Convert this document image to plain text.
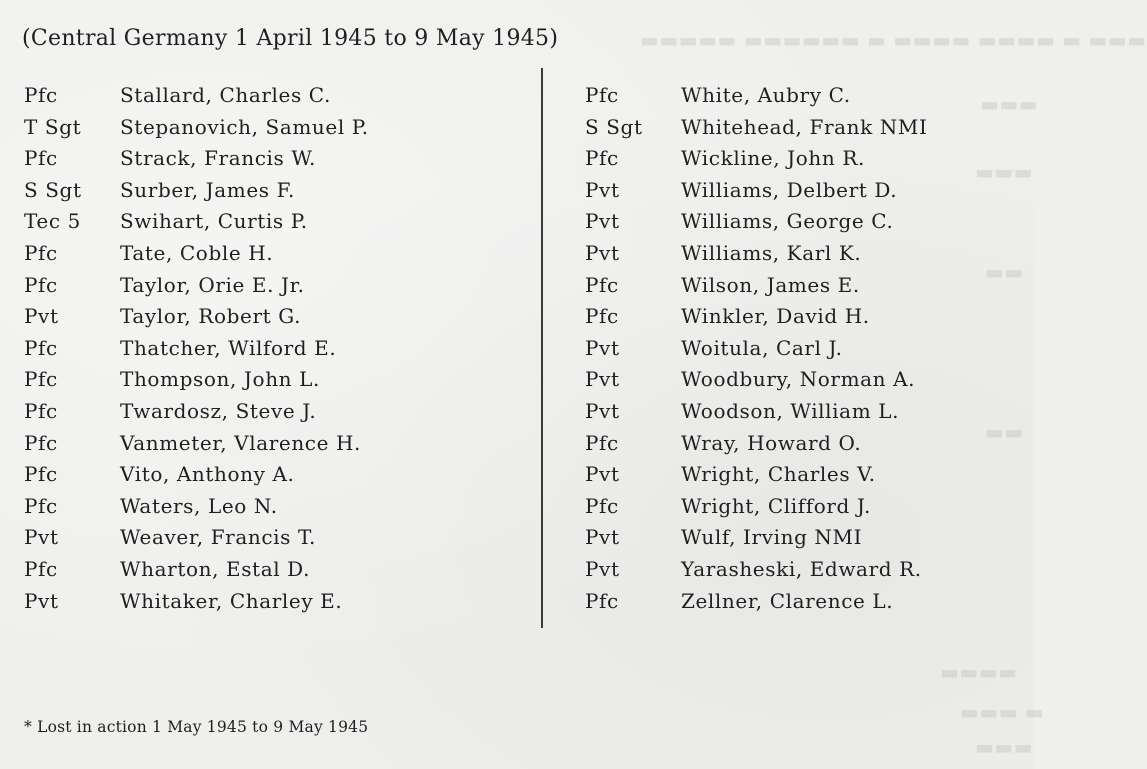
▬▬▬▬▬ ▬▬▬▬▬▬ ▬ ▬▬▬▬ ▬▬▬▬ ▬ ▬▬▬
▬▬▬
▬▬▬
▬▬
▬▬
▬▬▬▬
▬▬▬ ▬
▬▬▬
(Central Germany 1 April 1945 to 9 May 1945)
Pfc	Stallard, Charles C.
T Sgt Stepanovich, Samuel P.
Pfc	Strack, Francis W.
S Sgt Surber, James F.
Tec 5 Swihart, Curtis P.
Pfc	Tate, Coble H.
Pfc	Taylor, Orie E. Jr.
Pvt	Taylor, Robert G.
Pfc	Thatcher, Wilford E.
Pfc	Thompson, John L.
Pfc	Twardosz, Steve J.
Pfc	Vanmeter, Vlarence H.
Pfc	Vito, Anthony A.
Pfc	Waters, Leo N.
Pvt	Weaver, Francis T.
Pfc	Wharton, Estal D.
Pvt	Whitaker, Charley E.
Pfc	White, Aubry C.
S Sgt Whitehead, Frank NMI
Pfc	Wickline, John R.
Pvt	Williams, Delbert D.
Pvt	Williams, George C.
Pvt	Williams, Karl K.
Pfc	Wilson, James E.
Pfc	Winkler, David H.
Pvt	Woitula, Carl J.
Pvt	Woodbury, Norman A.
Pvt	Woodson, William L.
Pfc	Wray, Howard O.
Pvt	Wright, Charles V.
Pfc	Wright, Clifford J.
Pvt	Wulf, Irving NMI
Pvt	Yarasheski, Edward R.
Pfc	Zellner, Clarence L.
* Lost in action 1 May 1945 to 9 May 1945
